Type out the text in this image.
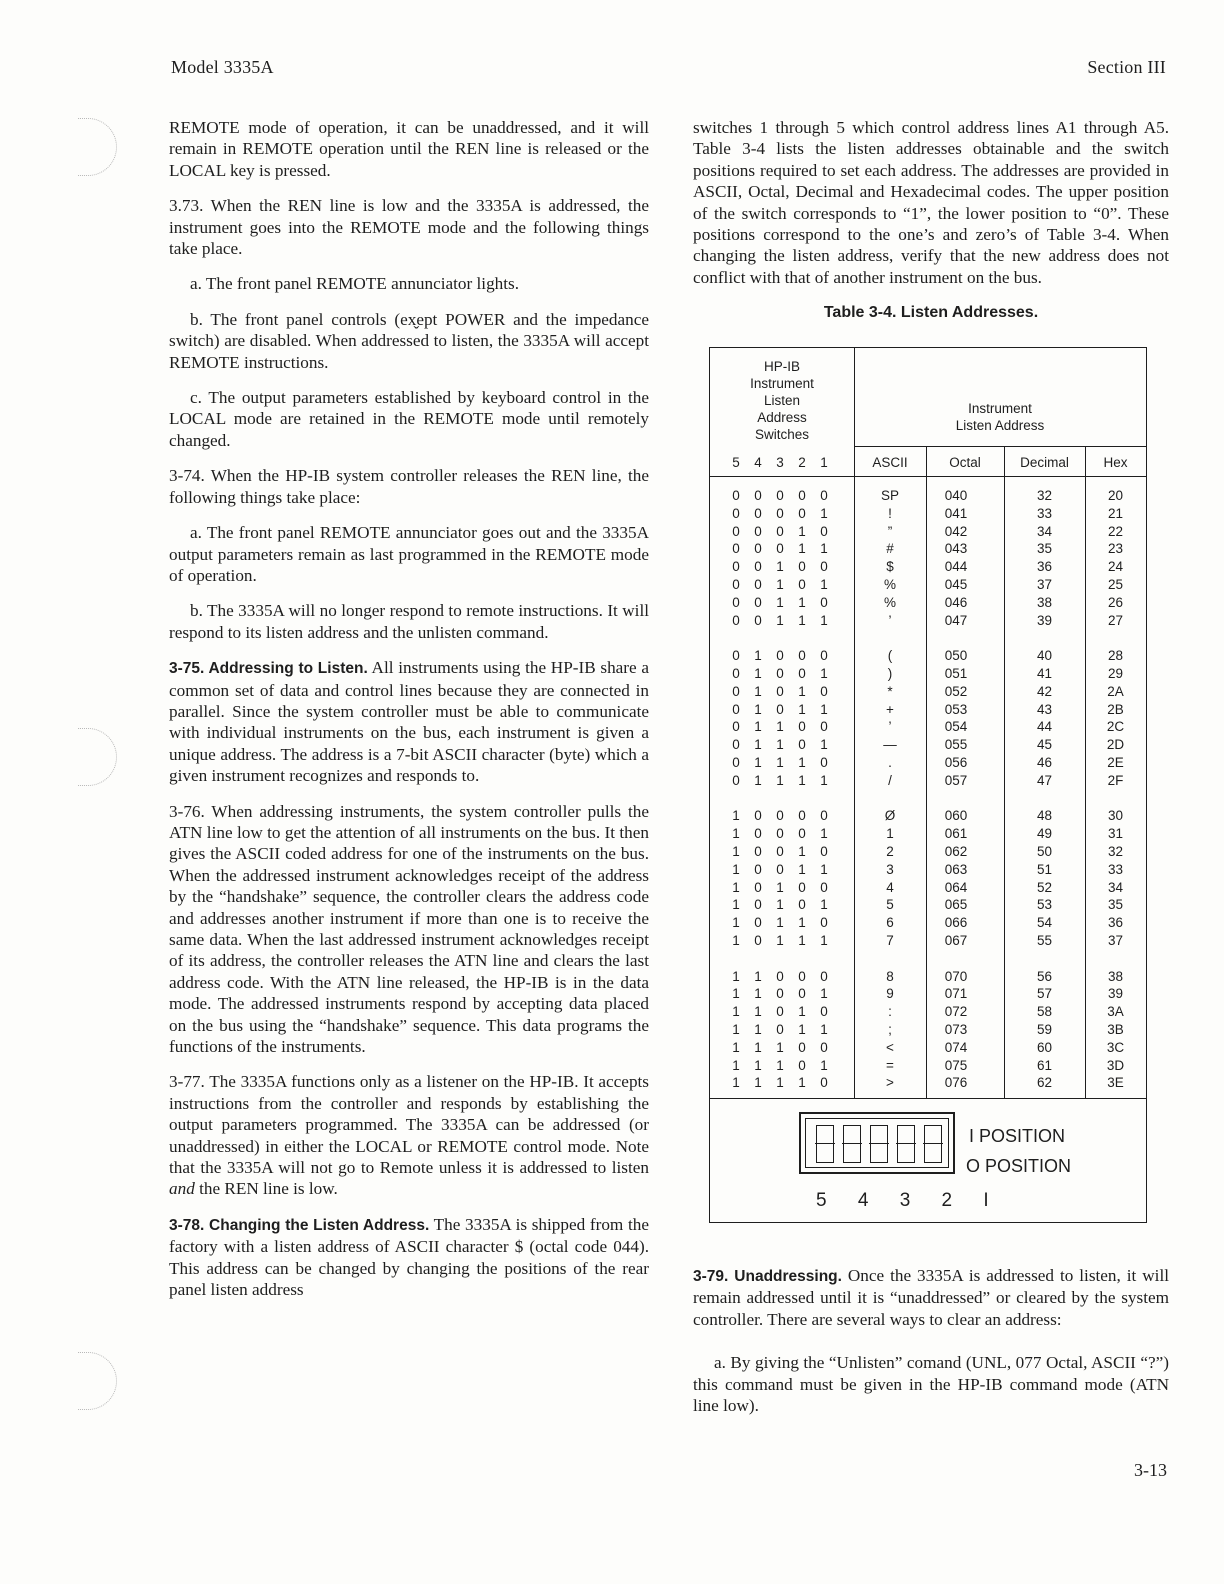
Model 3335A	Section III

REMOTE mode of operation, it can be unaddressed, and it will remain in REMOTE operation until the REN line is released or the LOCAL key is pressed.

3.73. When the REN line is low and the 3335A is addressed, the instrument goes into the REMOTE mode and the following things take place.

a. The front panel REMOTE annunciator lights.

b. The front panel controls (ex̬ept POWER and the impedance switch) are disabled. When addressed to listen, the 3335A will accept REMOTE instructions.

c. The output parameters established by keyboard control in the LOCAL mode are retained in the REMOTE mode until remotely changed.

3-74. When the HP-IB system controller releases the REN line, the following things take place:

a. The front panel REMOTE annunciator goes out and the 3335A output parameters remain as last programmed in the REMOTE mode of operation.

b. The 3335A will no longer respond to remote instructions. It will respond to its listen address and the unlisten command.

3-75. Addressing to Listen. All instruments using the HP-IB share a common set of data and control lines because they are connected in parallel. Since the system controller must be able to communicate with individual instruments on the bus, each instrument is given a unique address. The address is a 7-bit ASCII character (byte) which a given instrument recognizes and responds to.

3-76. When addressing instruments, the system controller pulls the ATN line low to get the attention of all instruments on the bus. It then gives the ASCII coded address for one of the instruments on the bus. When the addressed instrument acknowledges receipt of the address by the “handshake” sequence, the controller clears the address code and addresses another instrument if more than one is to receive the same data. When the last addressed instrument acknowledges receipt of its address, the controller releases the ATN line and clears the last address code. With the ATN line released, the HP-IB is in the data mode. The addressed instruments respond by accepting data placed on the bus using the “handshake” sequence. This data programs the functions of the instruments.

3-77. The 3335A functions only as a listener on the HP-IB. It accepts instructions from the controller and responds by establishing the output parameters programmed. The 3335A can be addressed (or unaddressed) in either the LOCAL or REMOTE control mode. Note that the 3335A will not go to Remote unless it is addressed to listen and the REN line is low.

3-78. Changing the Listen Address. The 3335A is shipped from the factory with a listen address of ASCII character $ (octal code 044). This address can be changed by changing the positions of the rear panel listen address

switches 1 through 5 which control address lines A1 through A5. Table 3-4 lists the listen addresses obtainable and the switch positions required to set each address. The addresses are provided in ASCII, Octal, Decimal and Hexadecimal codes. The upper position of the switch corresponds to “1”, the lower position to “0”. These positions correspond to the one’s and zero’s of Table 3-4. When changing the listen address, verify that the new address does not conflict with that of another instrument on the bus.

Table 3-4. Listen Addresses.

HP-IB
Instrument
Listen
Address
Switches
Instrument
Listen Address
5	4	3	2	1	ASCII	Octal	Decimal	Hex
0	0	0	0	0	SP	040	32	20
0	0	0	0	1	!	041	33	21
0	0	0	1	0	”	042	34	22
0	0	0	1	1	#	043	35	23
0	0	1	0	0	$	044	36	24
0	0	1	0	1	%	045	37	25
0	0	1	1	0	%	046	38	26
0	0	1	1	1	’	047	39	27
0	1	0	0	0	(	050	40	28
0	1	0	0	1	)	051	41	29
0	1	0	1	0	*	052	42	2A
0	1	0	1	1	+	053	43	2B
0	1	1	0	0	’	054	44	2C
0	1	1	0	1	—	055	45	2D
0	1	1	1	0	.	056	46	2E
0	1	1	1	1	/	057	47	2F
1	0	0	0	0	Ø	060	48	30
1	0	0	0	1	1	061	49	31
1	0	0	1	0	2	062	50	32
1	0	0	1	1	3	063	51	33
1	0	1	0	0	4	064	52	34
1	0	1	0	1	5	065	53	35
1	0	1	1	0	6	066	54	36
1	0	1	1	1	7	067	55	37
1	1	0	0	0	8	070	56	38
1	1	0	0	1	9	071	57	39
1	1	0	1	0	:	072	58	3A
1	1	0	1	1	;	073	59	3B
1	1	1	0	0	<	074	60	3C
1	1	1	0	1	=	075	61	3D
1	1	1	1	0	>	076	62	3E
I POSITION
O POSITION
5 4 3 2 I

3-79. Unaddressing. Once the 3335A is addressed to listen, it will remain addressed until it is “unaddressed” or cleared by the system controller. There are several ways to clear an address:

a. By giving the “Unlisten” comand (UNL, 077 Octal, ASCII “?”) this command must be given in the HP-IB command mode (ATN line low).

3-13
